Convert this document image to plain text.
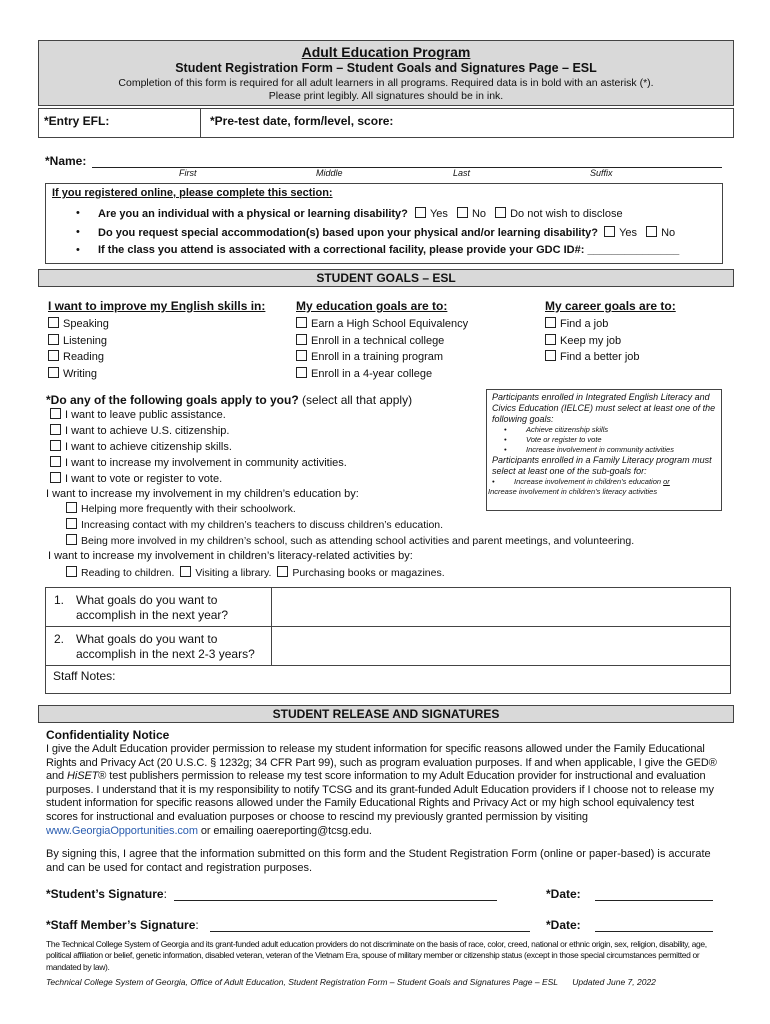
Adult Education Program
Student Registration Form – Student Goals and Signatures Page – ESL
Completion of this form is required for all adult learners in all programs. Required data is in bold with an asterisk (*).
Please print legibly. All signatures should be in ink.
*Entry EFL:	*Pre-test date, form/level, score:
*Name:
First	Middle	Last	Suffix
If you registered online, please complete this section:
Are you an individual with a physical or learning disability? Yes No Do not wish to disclose
Do you request special accommodation(s) based upon your physical and/or learning disability? Yes No
If the class you attend is associated with a correctional facility, please provide your GDC ID#: _______________
STUDENT GOALS – ESL
I want to improve my English skills in:
Speaking
Listening
Reading
Writing
My education goals are to:
Earn a High School Equivalency
Enroll in a technical college
Enroll in a training program
Enroll in a 4-year college
My career goals are to:
Find a job
Keep my job
Find a better job
*Do any of the following goals apply to you? (select all that apply)
I want to leave public assistance.
I want to achieve U.S. citizenship.
I want to achieve citizenship skills.
I want to increase my involvement in community activities.
I want to vote or register to vote.
I want to increase my involvement in my children’s education by:
Helping more frequently with their schoolwork.
Increasing contact with my children’s teachers to discuss children’s education.
Being more involved in my children’s school, such as attending school activities and parent meetings, and volunteering.
I want to increase my involvement in children’s literacy-related activities by:
Reading to children. Visiting a library. Purchasing books or magazines.
Participants enrolled in Integrated English Literacy and Civics Education (IELCE) must select at least one of the following goals:
Achieve citizenship skills
Vote or register to vote
Increase involvement in community activities
Participants enrolled in a Family Literacy program must select at least one of the sub-goals for:
Increase involvement in children’s education or
Increase involvement in children’s literacy activities
1. What goals do you want to accomplish in the next year?
2. What goals do you want to accomplish in the next 2-3 years?
Staff Notes:
STUDENT RELEASE AND SIGNATURES
Confidentiality Notice
I give the Adult Education provider permission to release my student information for specific reasons allowed under the Family Educational Rights and Privacy Act (20 U.S.C. § 1232g; 34 CFR Part 99), such as program evaluation purposes. If and when applicable, I give the GED® and HiSET® test publishers permission to release my test score information to my Adult Education provider for instructional and evaluation purposes. I understand that it is my responsibility to notify TCSG and its grant-funded Adult Education providers if I choose not to release my student information for specific reasons allowed under the Family Educational Rights and Privacy Act or my high school equivalency test scores for instructional and evaluation purposes or choose to rescind my previously granted permission by visiting www.GeorgiaOpportunities.com or emailing oaereporting@tcsg.edu.
By signing this, I agree that the information submitted on this form and the Student Registration Form (online or paper-based) is accurate and can be used for contact and registration purposes.
*Student’s Signature:	*Date:
*Staff Member’s Signature:	*Date:
The Technical College System of Georgia and its grant-funded adult education providers do not discriminate on the basis of race, color, creed, national or ethnic origin, sex, religion, disability, age, political affiliation or belief, genetic information, disabled veteran, veteran of the Vietnam Era, spouse of military member or citizenship status (except in those special circumstances permitted or mandated by law).
Technical College System of Georgia, Office of Adult Education, Student Registration Form – Student Goals and Signatures Page – ESL Updated June 7, 2022
